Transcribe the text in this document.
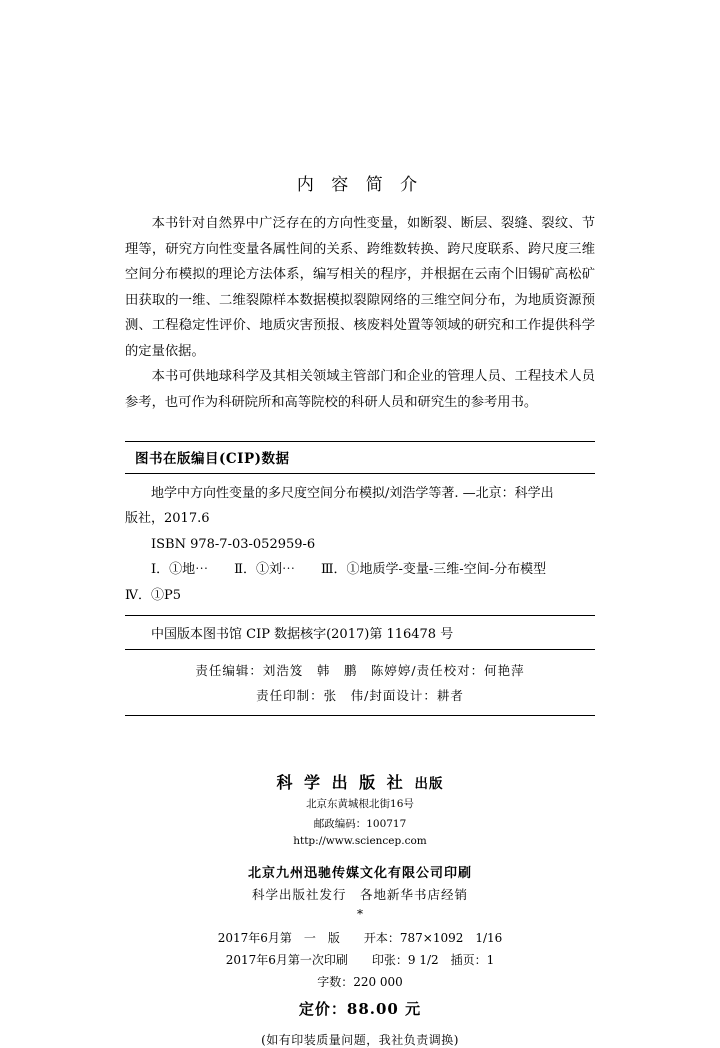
内 容 简 介

本书针对自然界中广泛存在的方向性变量，如断裂、断层、裂缝、裂纹、节理等，研究方向性变量各属性间的关系、跨维数转换、跨尺度联系、跨尺度三维空间分布模拟的理论方法体系，编写相关的程序，并根据在云南个旧锡矿高松矿田获取的一维、二维裂隙样本数据模拟裂隙网络的三维空间分布，为地质资源预测、工程稳定性评价、地质灾害预报、核废料处置等领域的研究和工作提供科学的定量依据。

本书可供地球科学及其相关领域主管部门和企业的管理人员、工程技术人员参考，也可作为科研院所和高等院校的科研人员和研究生的参考用书。

图书在版编目(CIP)数据

地学中方向性变量的多尺度空间分布模拟/刘浩学等著. —北京：科学出

版社，2017.6

ISBN 978-7-03-052959-6

Ⅰ．①地⋯　　Ⅱ．①刘⋯　　Ⅲ．①地质学-变量-三维-空间-分布模型

Ⅳ．①P5

中国版本图书馆 CIP 数据核字(2017)第 116478 号

责任编辑：刘浩笈　韩　鹏　陈婷婷/责任校对：何艳萍

责任印制：张　伟/封面设计：耕者

科 学 出 版 社 出版
北京东黄城根北街16号
邮政编码：100717
http://www.sciencep.com
北京九州迅驰传媒文化有限公司印刷
科学出版社发行　各地新华书店经销
*

2017年6月第　一　版　　开本：787×1092　1/16

2017年6月第一次印刷　　印张：9 1/2　插页：1

字数：220 000

定价：88.00 元
(如有印装质量问题，我社负责调换)
